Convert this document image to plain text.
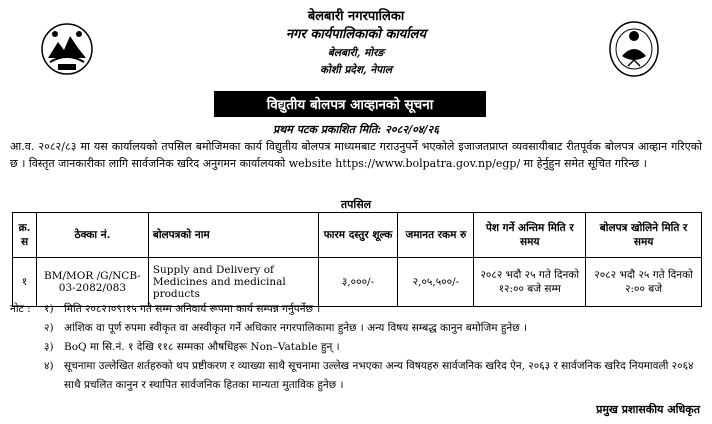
बेलबारी नगरपालिका
नगर कार्यपालिकाको कार्यालय
बेलबारी, मोरङ
कोशी प्रदेश, नेपाल
विद्युतीय बोलपत्र आव्हानको सूचना
प्रथम पटक प्रकाशित मिति: २०८२/०४/२६
आ.व. २०८२/८३ मा यस कार्यालयको तपसिल बमोजिमका कार्य विद्युतीय बोलपत्र माध्यमबाट गराउनुपर्ने भएकोले इजाजतप्राप्त व्यवसायीबाट रीतपूर्वक बोलपत्र आव्हान गरिएको छ । विस्तृत जानकारीका लागि सार्वजनिक खरिद अनुगमन कार्यालयको website https://www.bolpatra.gov.np/egp/ मा हेर्नुहुन समेत सूचित गरिन्छ ।
तपसिल
क्र. स	ठेक्का नं.	बोलपत्रको नाम	फारम दस्तुर शूल्क	जमानत रकम रु	पेश गर्ने अन्तिम मिति र समय	बोलपत्र खोलिने मिति र समय
१	BM/MOR /G/NCB-03-2082/083	Supply and Delivery of Medicines and medicinal products	३,०००/-	२,०५,५००/-	२०८२ भदौ २५ गते दिनको १२:०० बजे सम्म	२०८२ भदौ २५ गते दिनको २:०० बजे
नोट :	१) मिति २०८२।०९।१५ गते सम्म अनिवार्य रूपमा कार्य सम्पन्न गर्नुपर्नेछ ।
२) आंशिक वा पूर्ण रुपमा स्वीकृत वा अस्वीकृत गर्ने अधिकार नगरपालिकामा हुनेछ । अन्य विषय सम्बद्ध कानुन बमोजिम हुनेछ ।
३) BoQ मा सि.नं. १ देखि ११८ सम्मका औषधिहरू Non–Vatable हुन् ।
४) सूचनामा उल्लेखित शर्तहरुको थप प्रष्टीकरण र व्याख्या साथै सूचनामा उल्लेख नभएका अन्य विषयहरु सार्वजनिक खरिद ऐन, २०६३ र सार्वजनिक खरिद नियमावली २०६४ साथै प्रचलित कानुन र स्थापित सार्वजनिक हितका मान्यता मुताविक हुनेछ ।
प्रमुख प्रशासकीय अधिकृत
